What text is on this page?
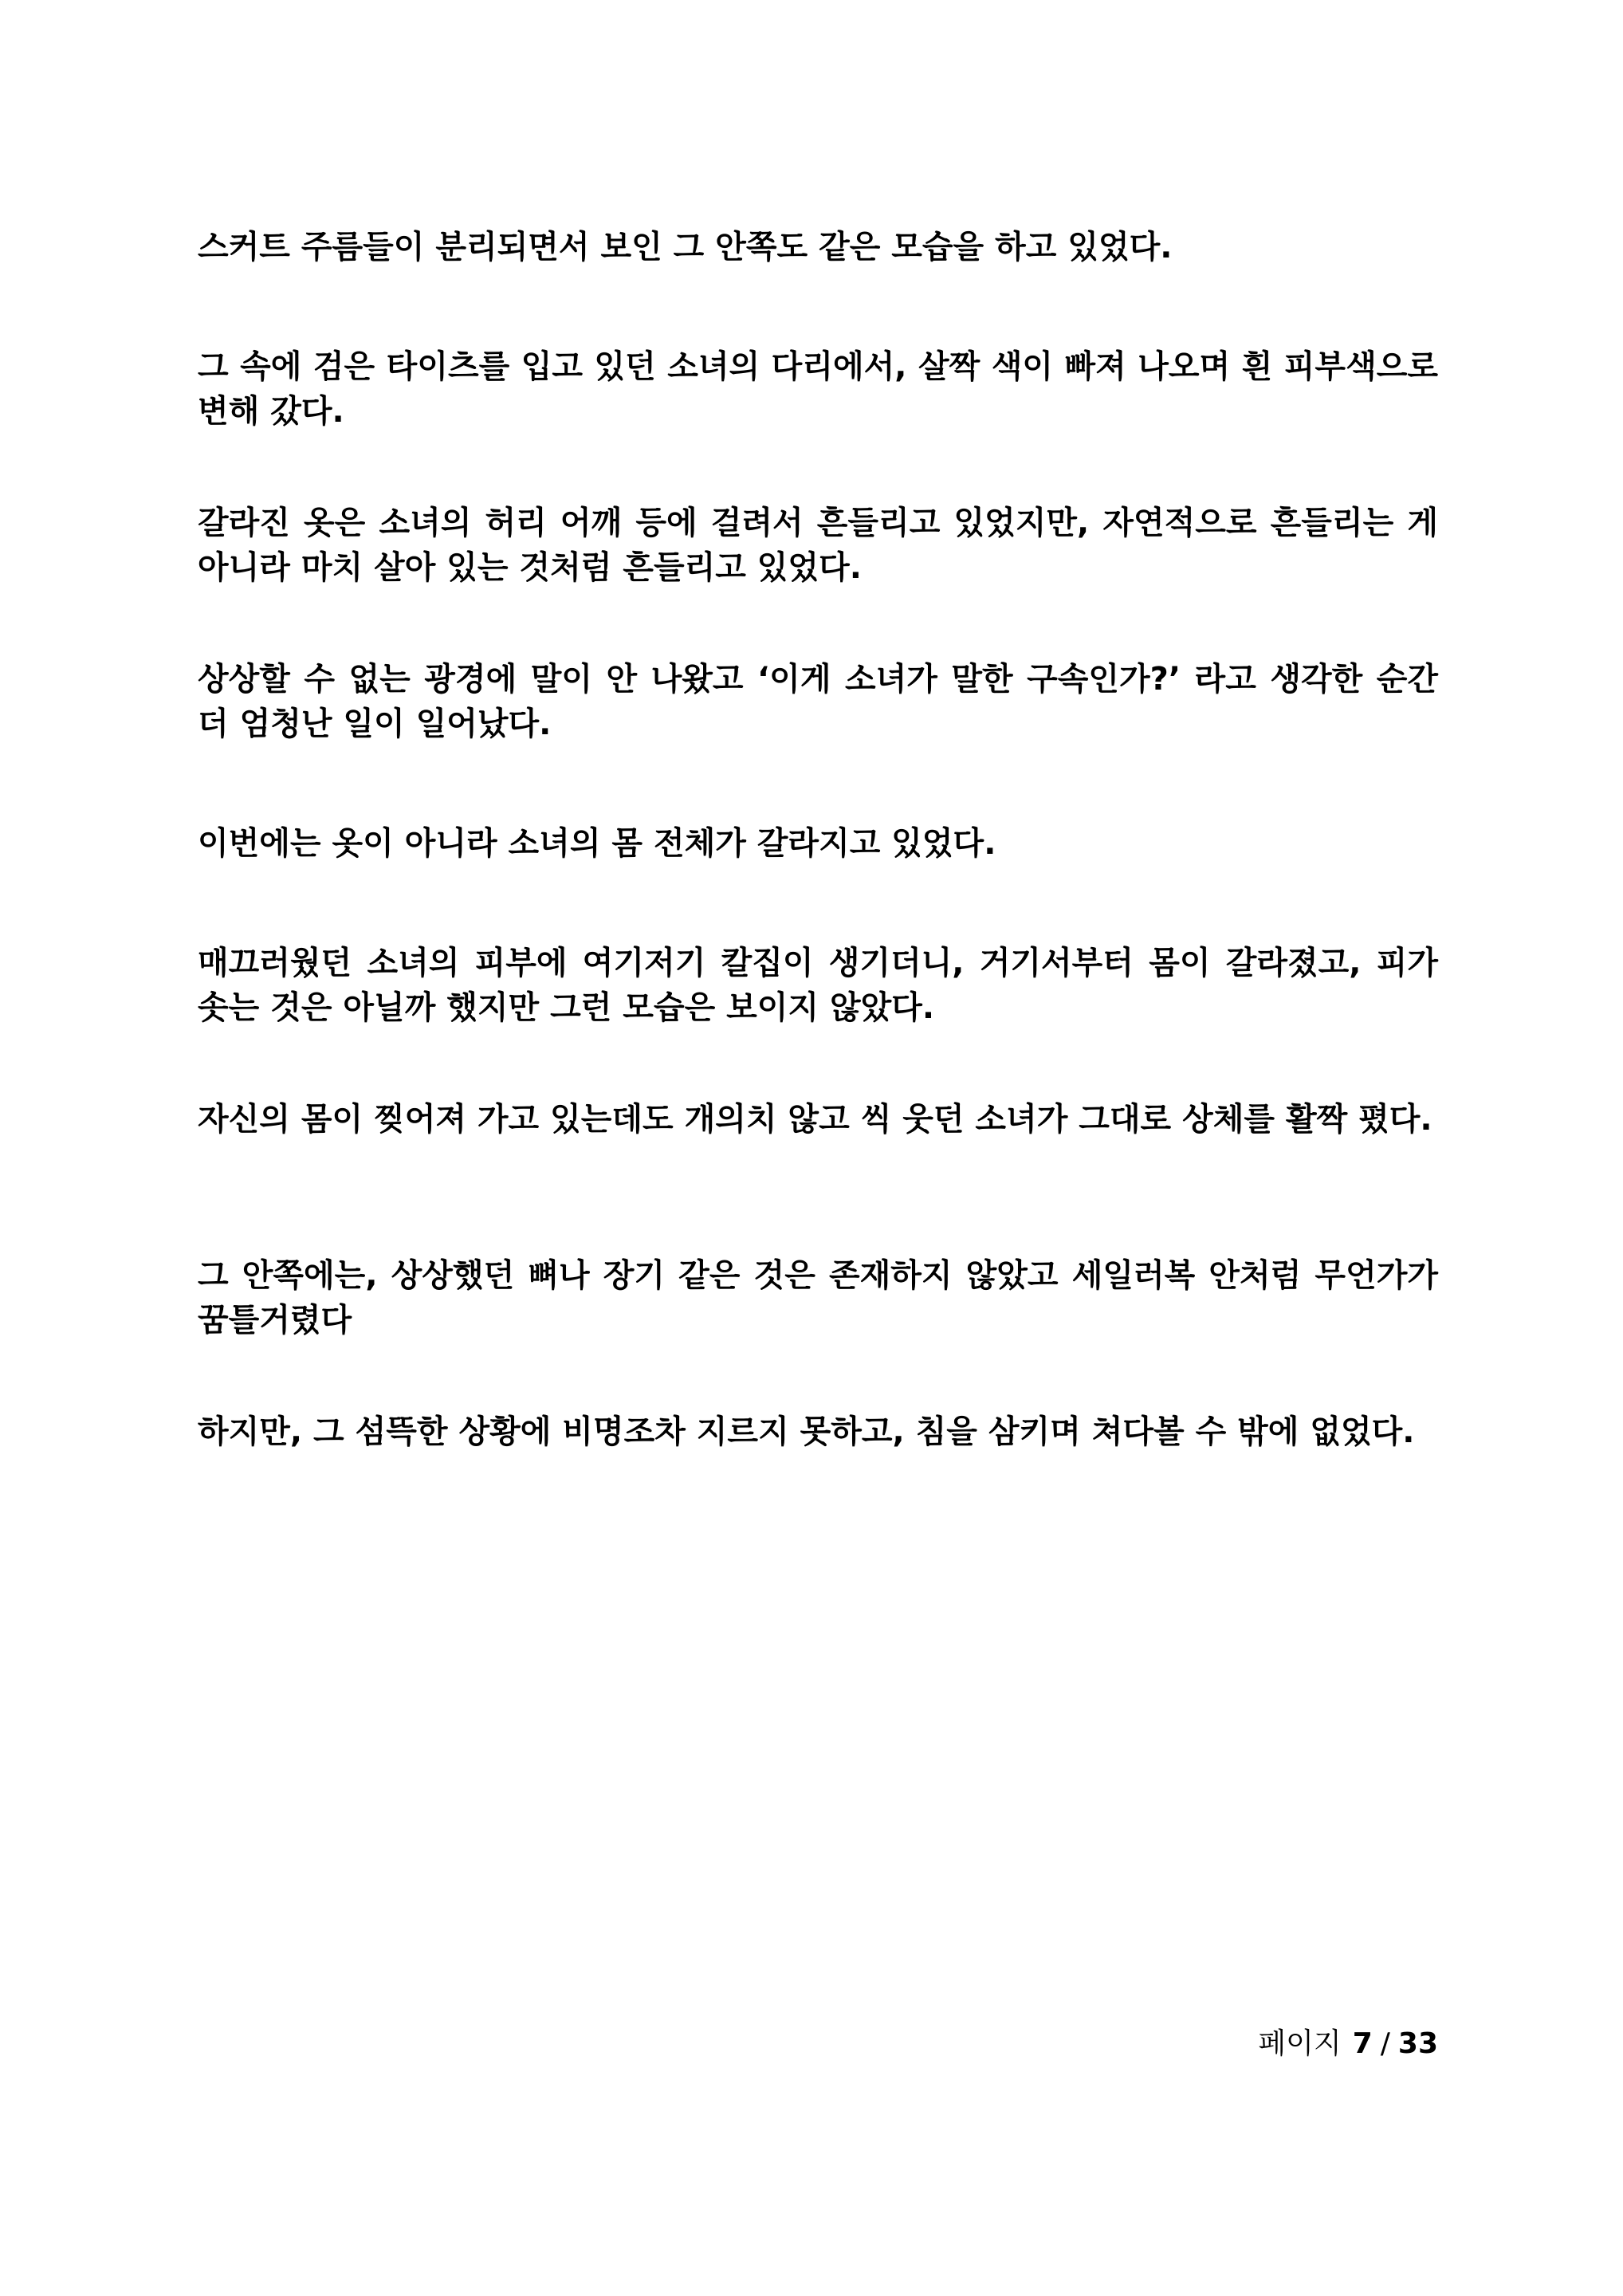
스커트 주름들이 분리되면서 보인 그 안쪽도 같은 모습을 하고 있었다.

그 속에 검은 타이츠를 입고 있던 소녀의 다리에서, 살짝 색이 빠져 나오며 흰 피부색으로 변해 갔다.

갈라진 옷은 소녀의 허리 어깨 등에 걸려서 흔들리고 있었지만, 자연적으로 흔들리는 게 아니라 마치 살아 있는 것처럼 흔들리고 있었다.

상상할 수 없는 광경에 말이 안 나왔고 ‘이게 소녀가 말한 구속인가?’ 라고 생각한 순간 더 엄청난 일이 일어났다.

이번에는 옷이 아니라 소녀의 몸 전체가 갈라지고 있었다.

매끄러웠던 소녀의 피부에 여기저기 칼집이 생기더니, 거기서부터 몸이 갈라졌고, 피가 솟는 것은 아닐까 했지만 그런 모습은 보이지 않았다.

자신의 몸이 찢어져 가고 있는데도 개의치 않고 씩 웃던 소녀가 그대로 상체를 활짝 폈다.

그 안쪽에는, 상상했던 뼈나 장기 같은 것은 존재하지 않았고 세일러복 안처럼 무언가가 꿈틀거렸다

하지만, 그 섬뜩한 상황에 비명조차 지르지 못하고, 침을 삼키며 쳐다볼 수 밖에 없었다.

페이지 7 / 33
